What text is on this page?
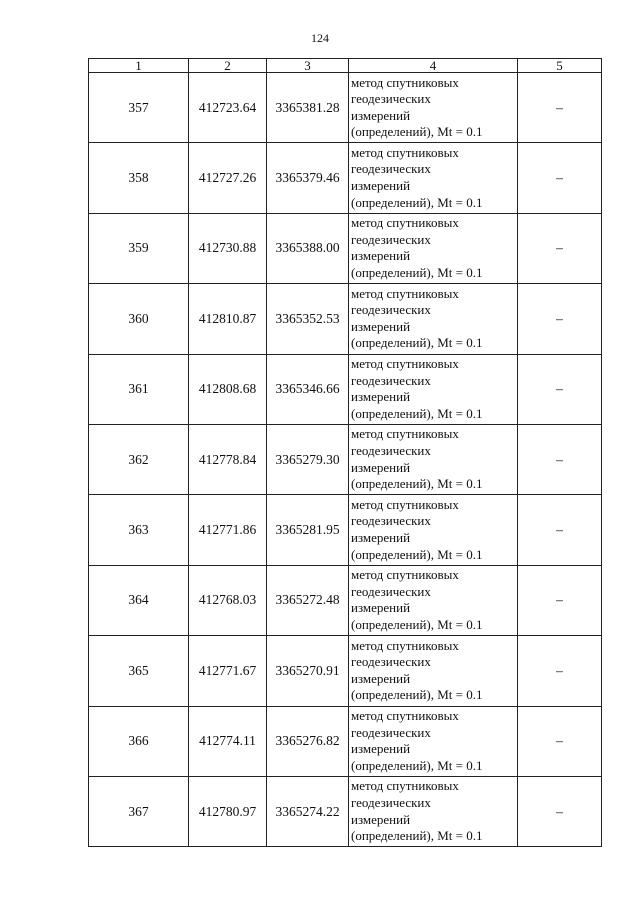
124
1	2	3	4	5
357	412723.64	3365381.28	метод спутниковых
геодезических
измерений
(определений), Mt = 0.1	–
358	412727.26	3365379.46	метод спутниковых
геодезических
измерений
(определений), Mt = 0.1	–
359	412730.88	3365388.00	метод спутниковых
геодезических
измерений
(определений), Mt = 0.1	–
360	412810.87	3365352.53	метод спутниковых
геодезических
измерений
(определений), Mt = 0.1	–
361	412808.68	3365346.66	метод спутниковых
геодезических
измерений
(определений), Mt = 0.1	–
362	412778.84	3365279.30	метод спутниковых
геодезических
измерений
(определений), Mt = 0.1	–
363	412771.86	3365281.95	метод спутниковых
геодезических
измерений
(определений), Mt = 0.1	–
364	412768.03	3365272.48	метод спутниковых
геодезических
измерений
(определений), Mt = 0.1	–
365	412771.67	3365270.91	метод спутниковых
геодезических
измерений
(определений), Mt = 0.1	–
366	412774.11	3365276.82	метод спутниковых
геодезических
измерений
(определений), Mt = 0.1	–
367	412780.97	3365274.22	метод спутниковых
геодезических
измерений
(определений), Mt = 0.1	–
